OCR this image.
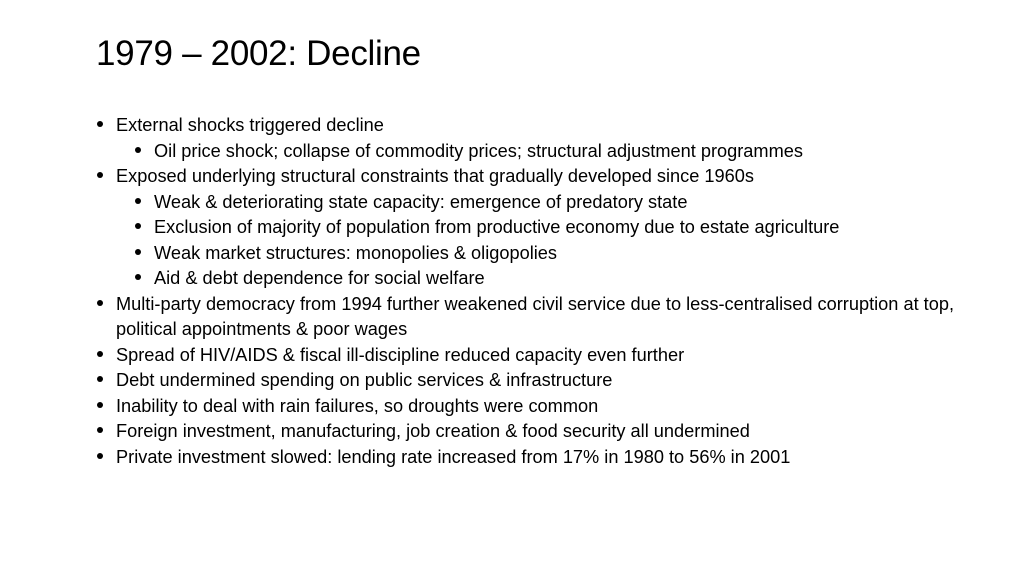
1979 – 2002: Decline
External shocks triggered decline
Oil price shock; collapse of commodity prices; structural adjustment programmes
Exposed underlying structural constraints that gradually developed since 1960s
Weak & deteriorating state capacity: emergence of predatory state
Exclusion of majority of population from productive economy due to estate agriculture
Weak market structures: monopolies & oligopolies
Aid & debt dependence for social welfare
Multi-party democracy from 1994 further weakened civil service due to less-centralised corruption at top, political appointments & poor wages
Spread of HIV/AIDS & fiscal ill-discipline reduced capacity even further
Debt undermined spending on public services & infrastructure
Inability to deal with rain failures, so droughts were common
Foreign investment, manufacturing, job creation & food security all undermined
Private investment slowed: lending rate increased from 17% in 1980 to 56% in 2001
